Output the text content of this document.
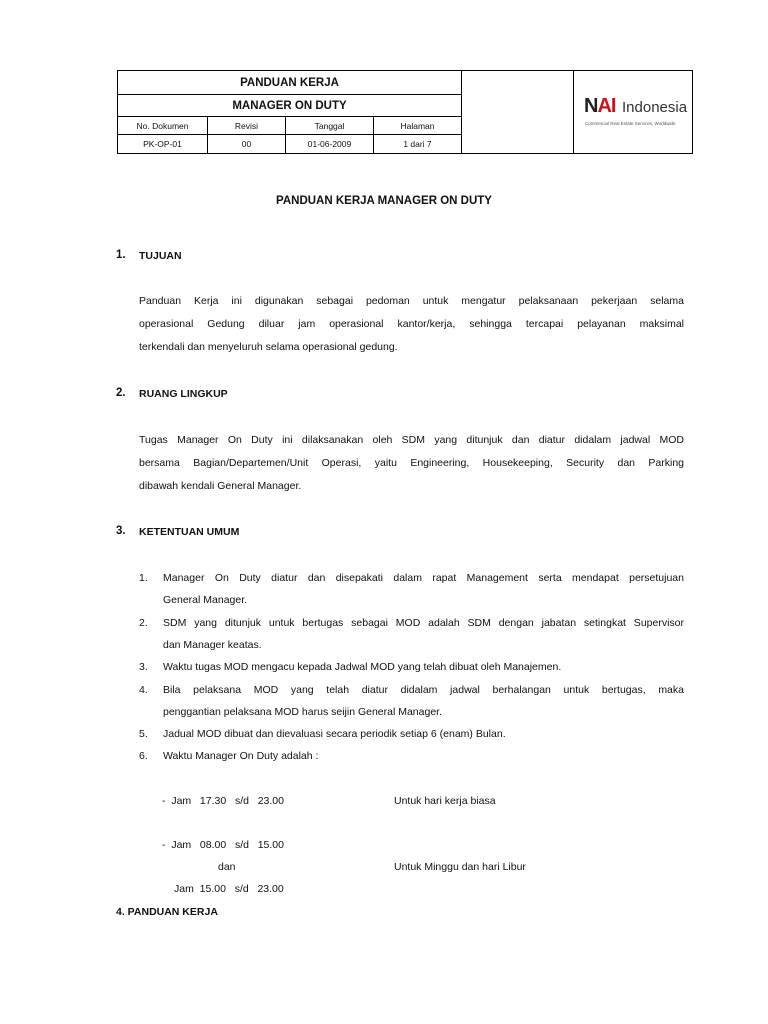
PANDUAN KERJA
MANAGER ON DUTY
No. Dokumen	Revisi	Tanggal	Halaman
PK-OP-01	00	01-06-2009	1 dari 7
NAI Indonesia
Commercial Real Estate Services, Worldwide
PANDUAN KERJA MANAGER ON DUTY
1. TUJUAN
Panduan Kerja ini digunakan sebagai pedoman untuk mengatur pelaksanaan pekerjaan selama
operasional Gedung diluar jam operasional kantor/kerja, sehingga tercapai pelayanan maksimal
terkendali dan menyeluruh selama operasional gedung.
2. RUANG LINGKUP
Tugas Manager On Duty ini dilaksanakan oleh SDM yang ditunjuk dan diatur didalam jadwal MOD
bersama Bagian/Departemen/Unit Operasi, yaitu Engineering, Housekeeping, Security dan Parking
dibawah kendali General Manager.
3. KETENTUAN UMUM
1. Manager On Duty diatur dan disepakati dalam rapat Management serta mendapat persetujuan
General Manager.
2. SDM yang ditunjuk untuk bertugas sebagai MOD adalah SDM dengan jabatan setingkat Supervisor
dan Manager keatas.
3. Waktu tugas MOD mengacu kepada Jadwal MOD yang telah dibuat oleh Manajemen.
4. Bila pelaksana MOD yang telah diatur didalam jadwal berhalangan untuk bertugas, maka
penggantian pelaksana MOD harus seijin General Manager.
5. Jadual MOD dibuat dan dievaluasi secara periodik setiap 6 (enam) Bulan.
6. Waktu Manager On Duty adalah :
-  Jam   17.30   s/d   23.00	Untuk hari kerja biasa
-  Jam   08.00   s/d   15.00
dan	Untuk Minggu dan hari Libur
Jam  15.00   s/d   23.00
4. PANDUAN KERJA
